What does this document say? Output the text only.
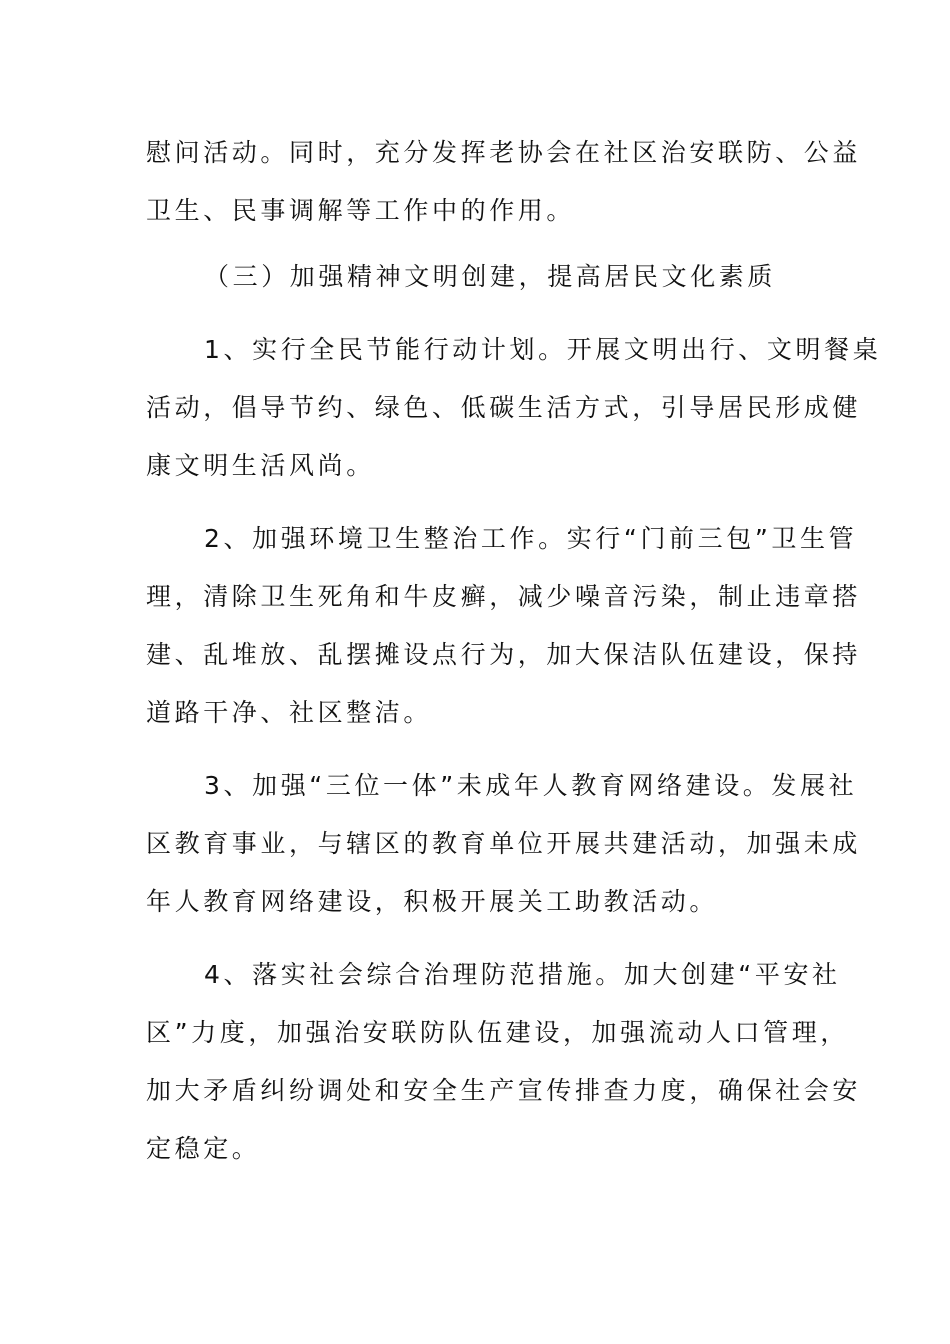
慰问活动。同时，充分发挥老协会在社区治安联防、公益

卫生、民事调解等工作中的作用。

（三）加强精神文明创建，提高居民文化素质

1、实行全民节能行动计划。开展文明出行、文明餐桌

活动，倡导节约、绿色、低碳生活方式，引导居民形成健

康文明生活风尚。

2、加强环境卫生整治工作。实行“门前三包”卫生管

理，清除卫生死角和牛皮癣，减少噪音污染，制止违章搭

建、乱堆放、乱摆摊设点行为，加大保洁队伍建设，保持

道路干净、社区整洁。

3、加强“三位一体”未成年人教育网络建设。发展社

区教育事业，与辖区的教育单位开展共建活动，加强未成

年人教育网络建设，积极开展关工助教活动。

4、落实社会综合治理防范措施。加大创建“平安社

区”力度，加强治安联防队伍建设，加强流动人口管理，

加大矛盾纠纷调处和安全生产宣传排查力度，确保社会安

定稳定。
